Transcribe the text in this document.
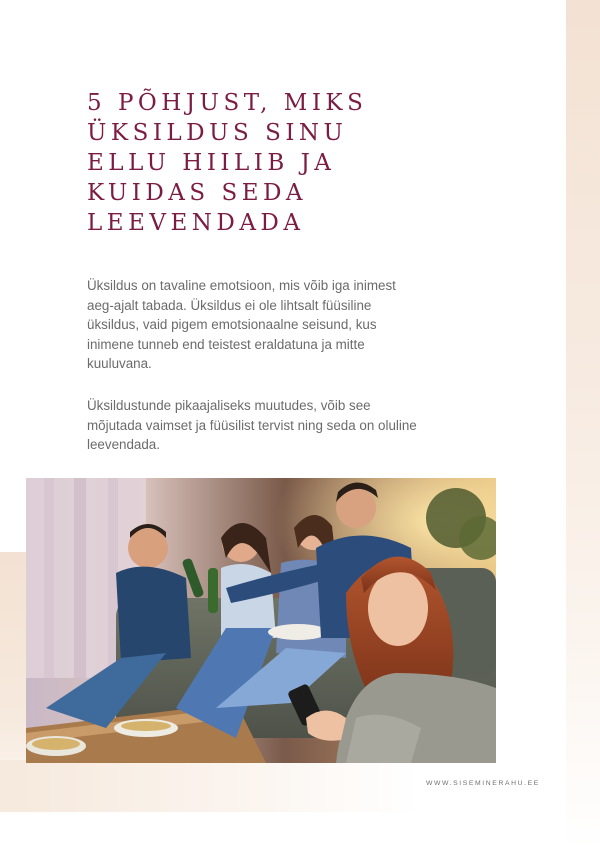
5 PÕHJUST, MIKS ÜKSILDUS SINU ELLU HIILIB JA KUIDAS SEDA LEEVENDADA

Üksildus on tavaline emotsioon, mis võib iga inimest aeg-ajalt tabada. Üksildus ei ole lihtsalt füüsiline üksildus, vaid pigem emotsionaalne seisund, kus inimene tunneb end teistest eraldatuna ja mitte kuuluvana.

Üksildustunde pikaajaliseks muutudes, võib see mõjutada vaimset ja füüsilist tervist ning seda on oluline leevendada.

WWW.SISEMINERAHU.EE
